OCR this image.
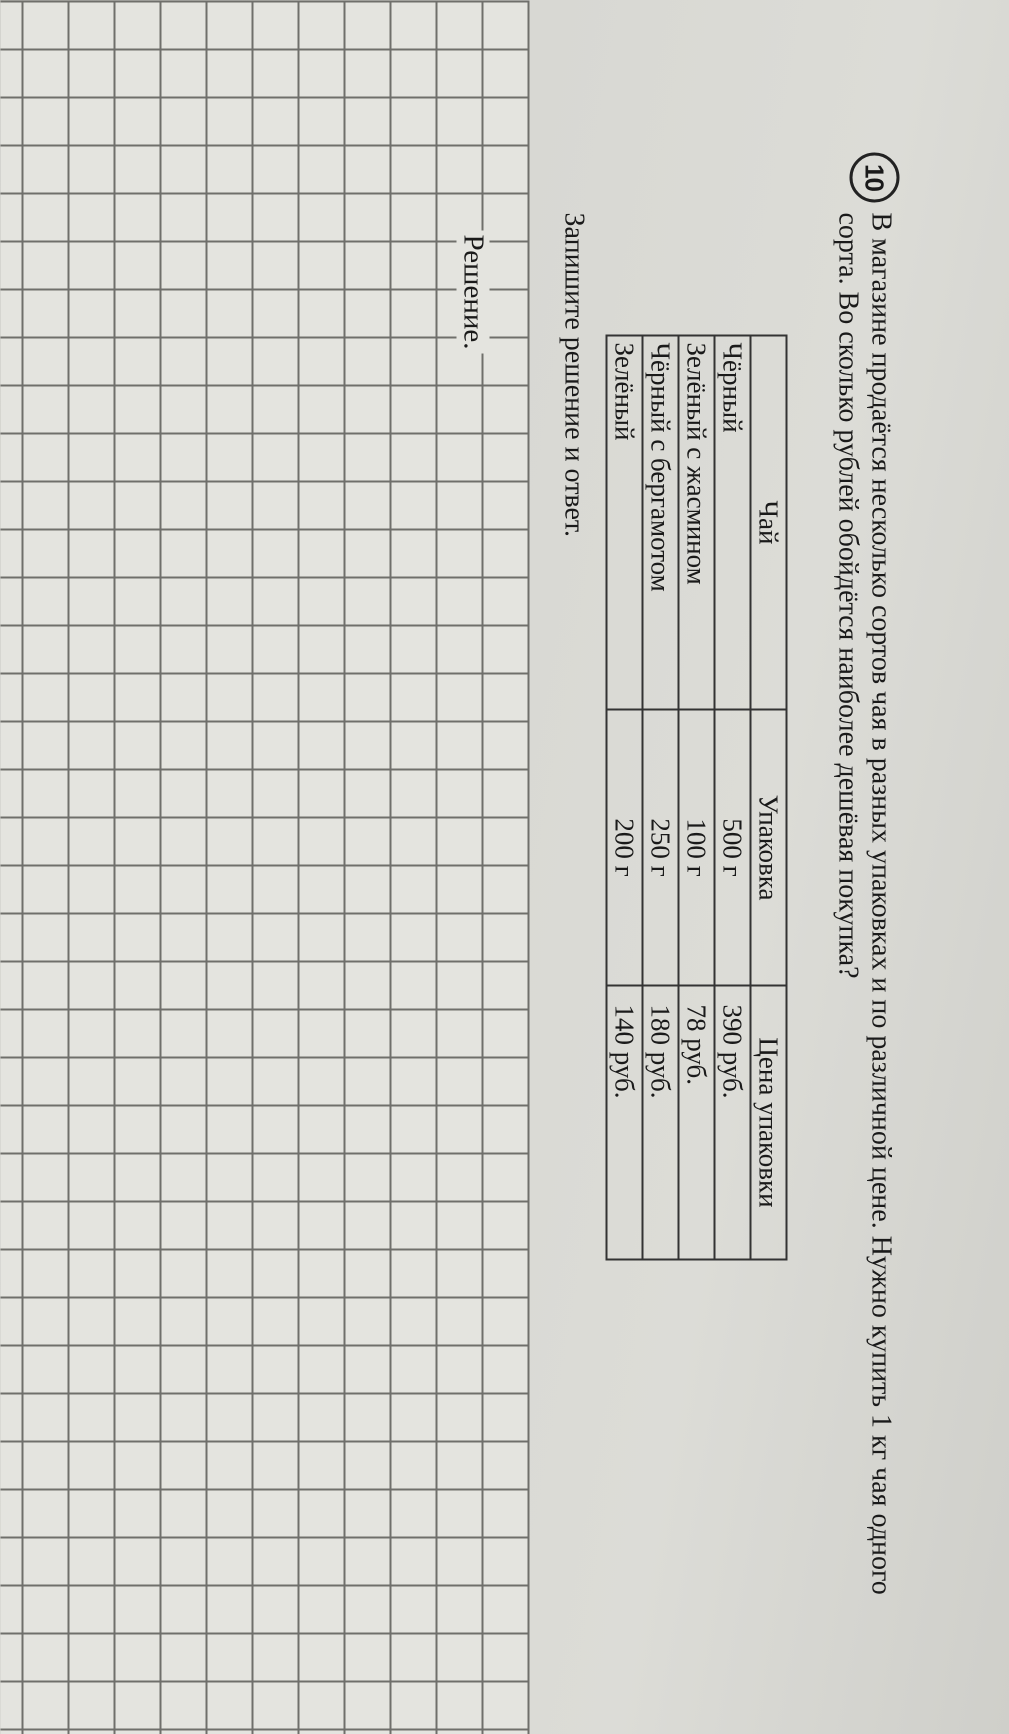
10
В магазине продаётся несколько сортов чая в разных упаковках и по различной цене. Нужно купить 1 кг чая одного сорта. Во сколько рублей обойдётся наиболее дешёвая покупка?
Чай	Упаковка	Цена упаковки
Чёрный	500 г	390 руб.
Зелёный с жасмином	100 г	78 руб.
Чёрный с бергамотом	250 г	180 руб.
Зелёный	200 г	140 руб.
Запишите решение и ответ.
Решение.
